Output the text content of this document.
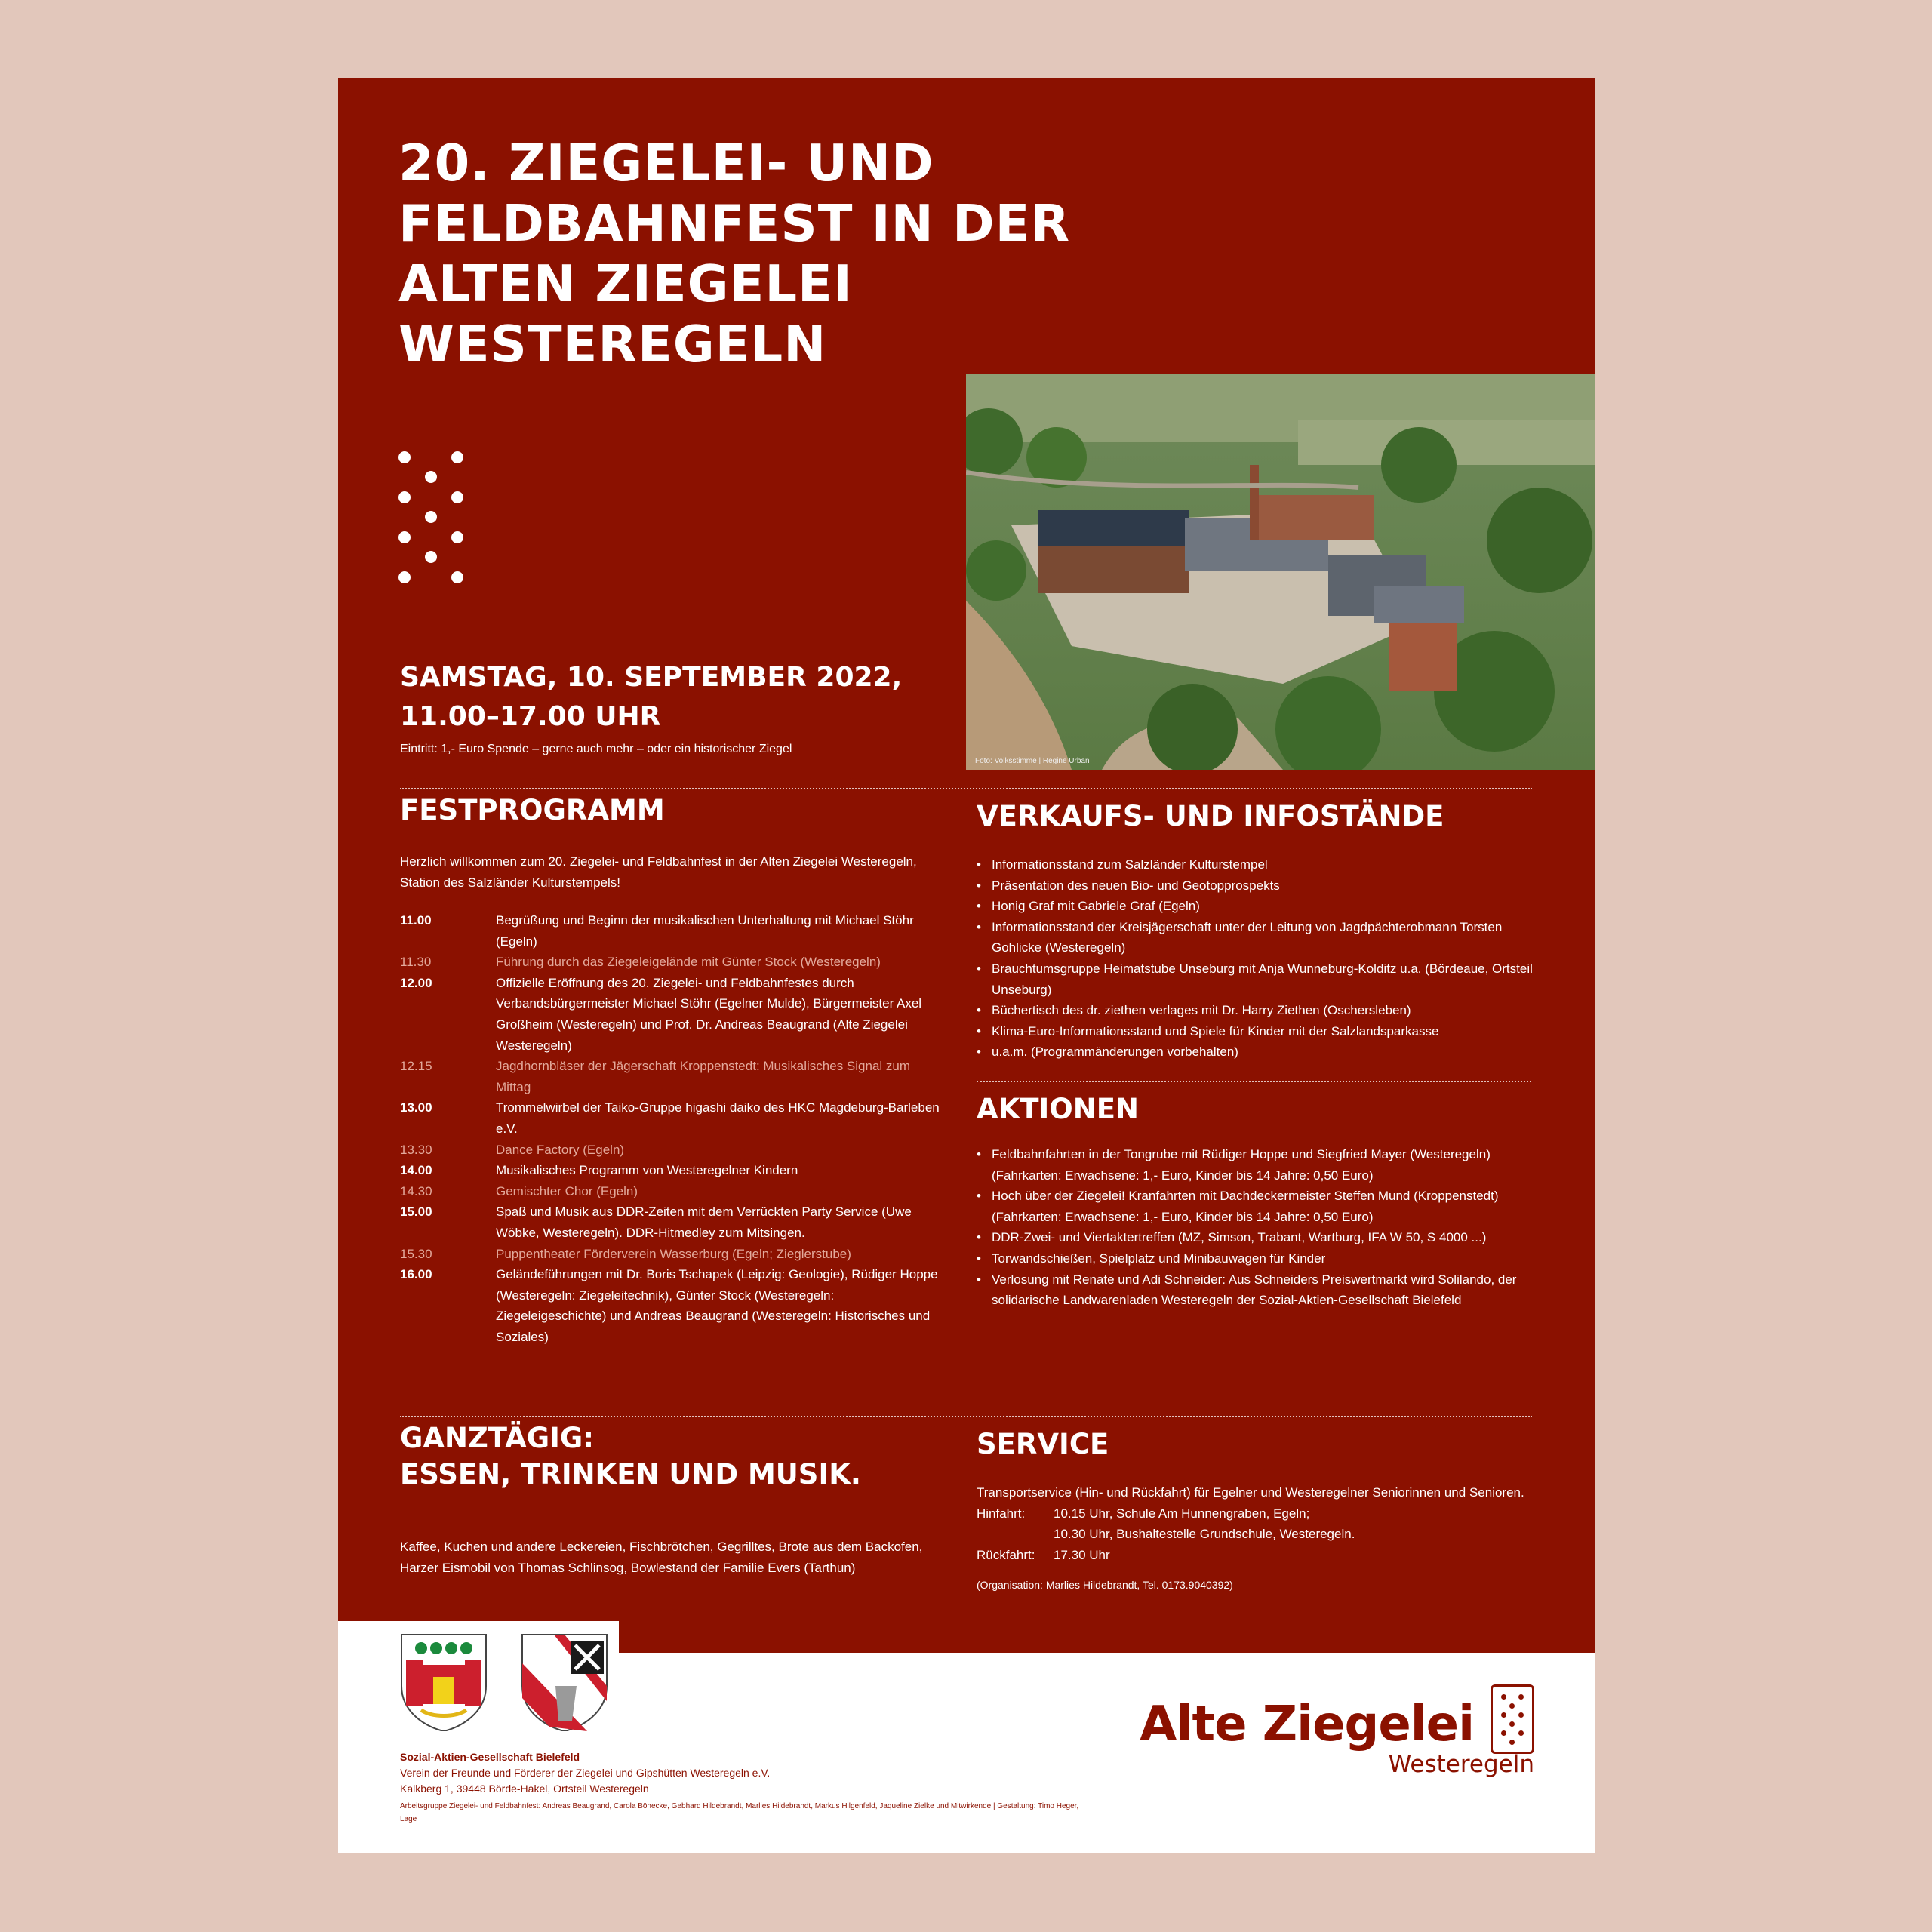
20. ZIEGELEI- UND FELDBAHNFEST IN DER ALTEN ZIEGELEI WESTEREGELN
Foto: Volksstimme | Regine Urban
SAMSTAG, 10. SEPTEMBER 2022,
11.00–17.00 UHR
Eintritt: 1,- Euro Spende – gerne auch mehr – oder ein historischer Ziegel
FESTPROGRAMM

Herzlich willkommen zum 20. Ziegelei- und Feldbahnfest in der Alten Ziegelei Westeregeln, Station des Salzländer Kulturstempels!

11.00	Begrüßung und Beginn der musikalischen Unterhaltung mit Michael Stöhr (Egeln)
11.30	Führung durch das Ziegeleigelände mit Günter Stock (Westeregeln)
12.00	Offizielle Eröffnung des 20. Ziegelei- und Feldbahnfestes durch Verbandsbürgermeister Michael Stöhr (Egelner Mulde), Bürgermeister Axel Großheim (Westeregeln) und Prof. Dr. Andreas Beaugrand (Alte Ziegelei Westeregeln)
12.15	Jagdhornbläser der Jägerschaft Kroppenstedt: Musikalisches Signal zum Mittag
13.00	Trommelwirbel der Taiko-Gruppe higashi daiko des HKC Magdeburg-Barleben e.V.
13.30	Dance Factory (Egeln)
14.00	Musikalisches Programm von Westeregelner Kindern
14.30	Gemischter Chor (Egeln)
15.00	Spaß und Musik aus DDR-Zeiten mit dem Verrückten Party Service (Uwe Wöbke, Westeregeln). DDR-Hitmedley zum Mitsingen.
15.30	Puppentheater Förderverein Wasserburg (Egeln; Zieglerstube)
16.00	Geländeführungen mit Dr. Boris Tschapek (Leipzig: Geologie), Rüdiger Hoppe (Westeregeln: Ziegeleitechnik), Günter Stock (Westeregeln: Ziegeleigeschichte) und Andreas Beaugrand (Westeregeln: Historisches und Soziales)
VERKAUFS- UND INFOSTÄNDE
• Informationsstand zum Salzländer Kulturstempel
• Präsentation des neuen Bio- und Geotopprospekts
• Honig Graf mit Gabriele Graf (Egeln)
• Informationsstand der Kreisjägerschaft unter der Leitung von Jagdpächterobmann Torsten Gohlicke (Westeregeln)
• Brauchtumsgruppe Heimatstube Unseburg mit Anja Wunneburg-Kolditz u.a. (Bördeaue, Ortsteil Unseburg)
• Büchertisch des dr. ziethen verlages mit Dr. Harry Ziethen (Oschersleben)
• Klima-Euro-Informationsstand und Spiele für Kinder mit der Salzlandsparkasse
• u.a.m. (Programmänderungen vorbehalten)
AKTIONEN
• Feldbahnfahrten in der Tongrube mit Rüdiger Hoppe und Siegfried Mayer (Westeregeln) (Fahrkarten: Erwachsene: 1,- Euro, Kinder bis 14 Jahre: 0,50 Euro)
• Hoch über der Ziegelei! Kranfahrten mit Dachdeckermeister Steffen Mund (Kroppenstedt) (Fahrkarten: Erwachsene: 1,- Euro, Kinder bis 14 Jahre: 0,50 Euro)
• DDR-Zwei- und Viertaktertreffen (MZ, Simson, Trabant, Wartburg, IFA W 50, S 4000 ...)
• Torwandschießen, Spielplatz und Minibauwagen für Kinder
• Verlosung mit Renate und Adi Schneider: Aus Schneiders Preiswertmarkt wird Solilando, der solidarische Landwarenladen Westeregeln der Sozial-Aktien-Gesellschaft Bielefeld
GANZTÄGIG:
ESSEN, TRINKEN UND MUSIK.

Kaffee, Kuchen und andere Leckereien, Fischbrötchen, Gegrilltes, Brote aus dem Backofen, Harzer Eismobil von Thomas Schlinsog, Bowlestand der Familie Evers (Tarthun)

SERVICE

Transportservice (Hin- und Rückfahrt) für Egelner und Westeregelner Seniorinnen und Senioren.

Hinfahrt:	10.15 Uhr, Schule Am Hunnengraben, Egeln;
10.30 Uhr, Bushaltestelle Grundschule, Westeregeln.
Rückfahrt:	17.30 Uhr
(Organisation: Marlies Hildebrandt, Tel. 0173.9040392)
Sozial-Aktien-Gesellschaft Bielefeld
Verein der Freunde und Förderer der Ziegelei und Gipshütten Westeregeln e.V.
Kalkberg 1, 39448 Börde-Hakel, Ortsteil Westeregeln
Arbeitsgruppe Ziegelei- und Feldbahnfest: Andreas Beaugrand, Carola Bönecke, Gebhard Hildebrandt, Marlies Hildebrandt, Markus Hilgenfeld, Jaqueline Zielke und Mitwirkende | Gestaltung: Timo Heger, Lage
Alte Ziegelei
Westeregeln
